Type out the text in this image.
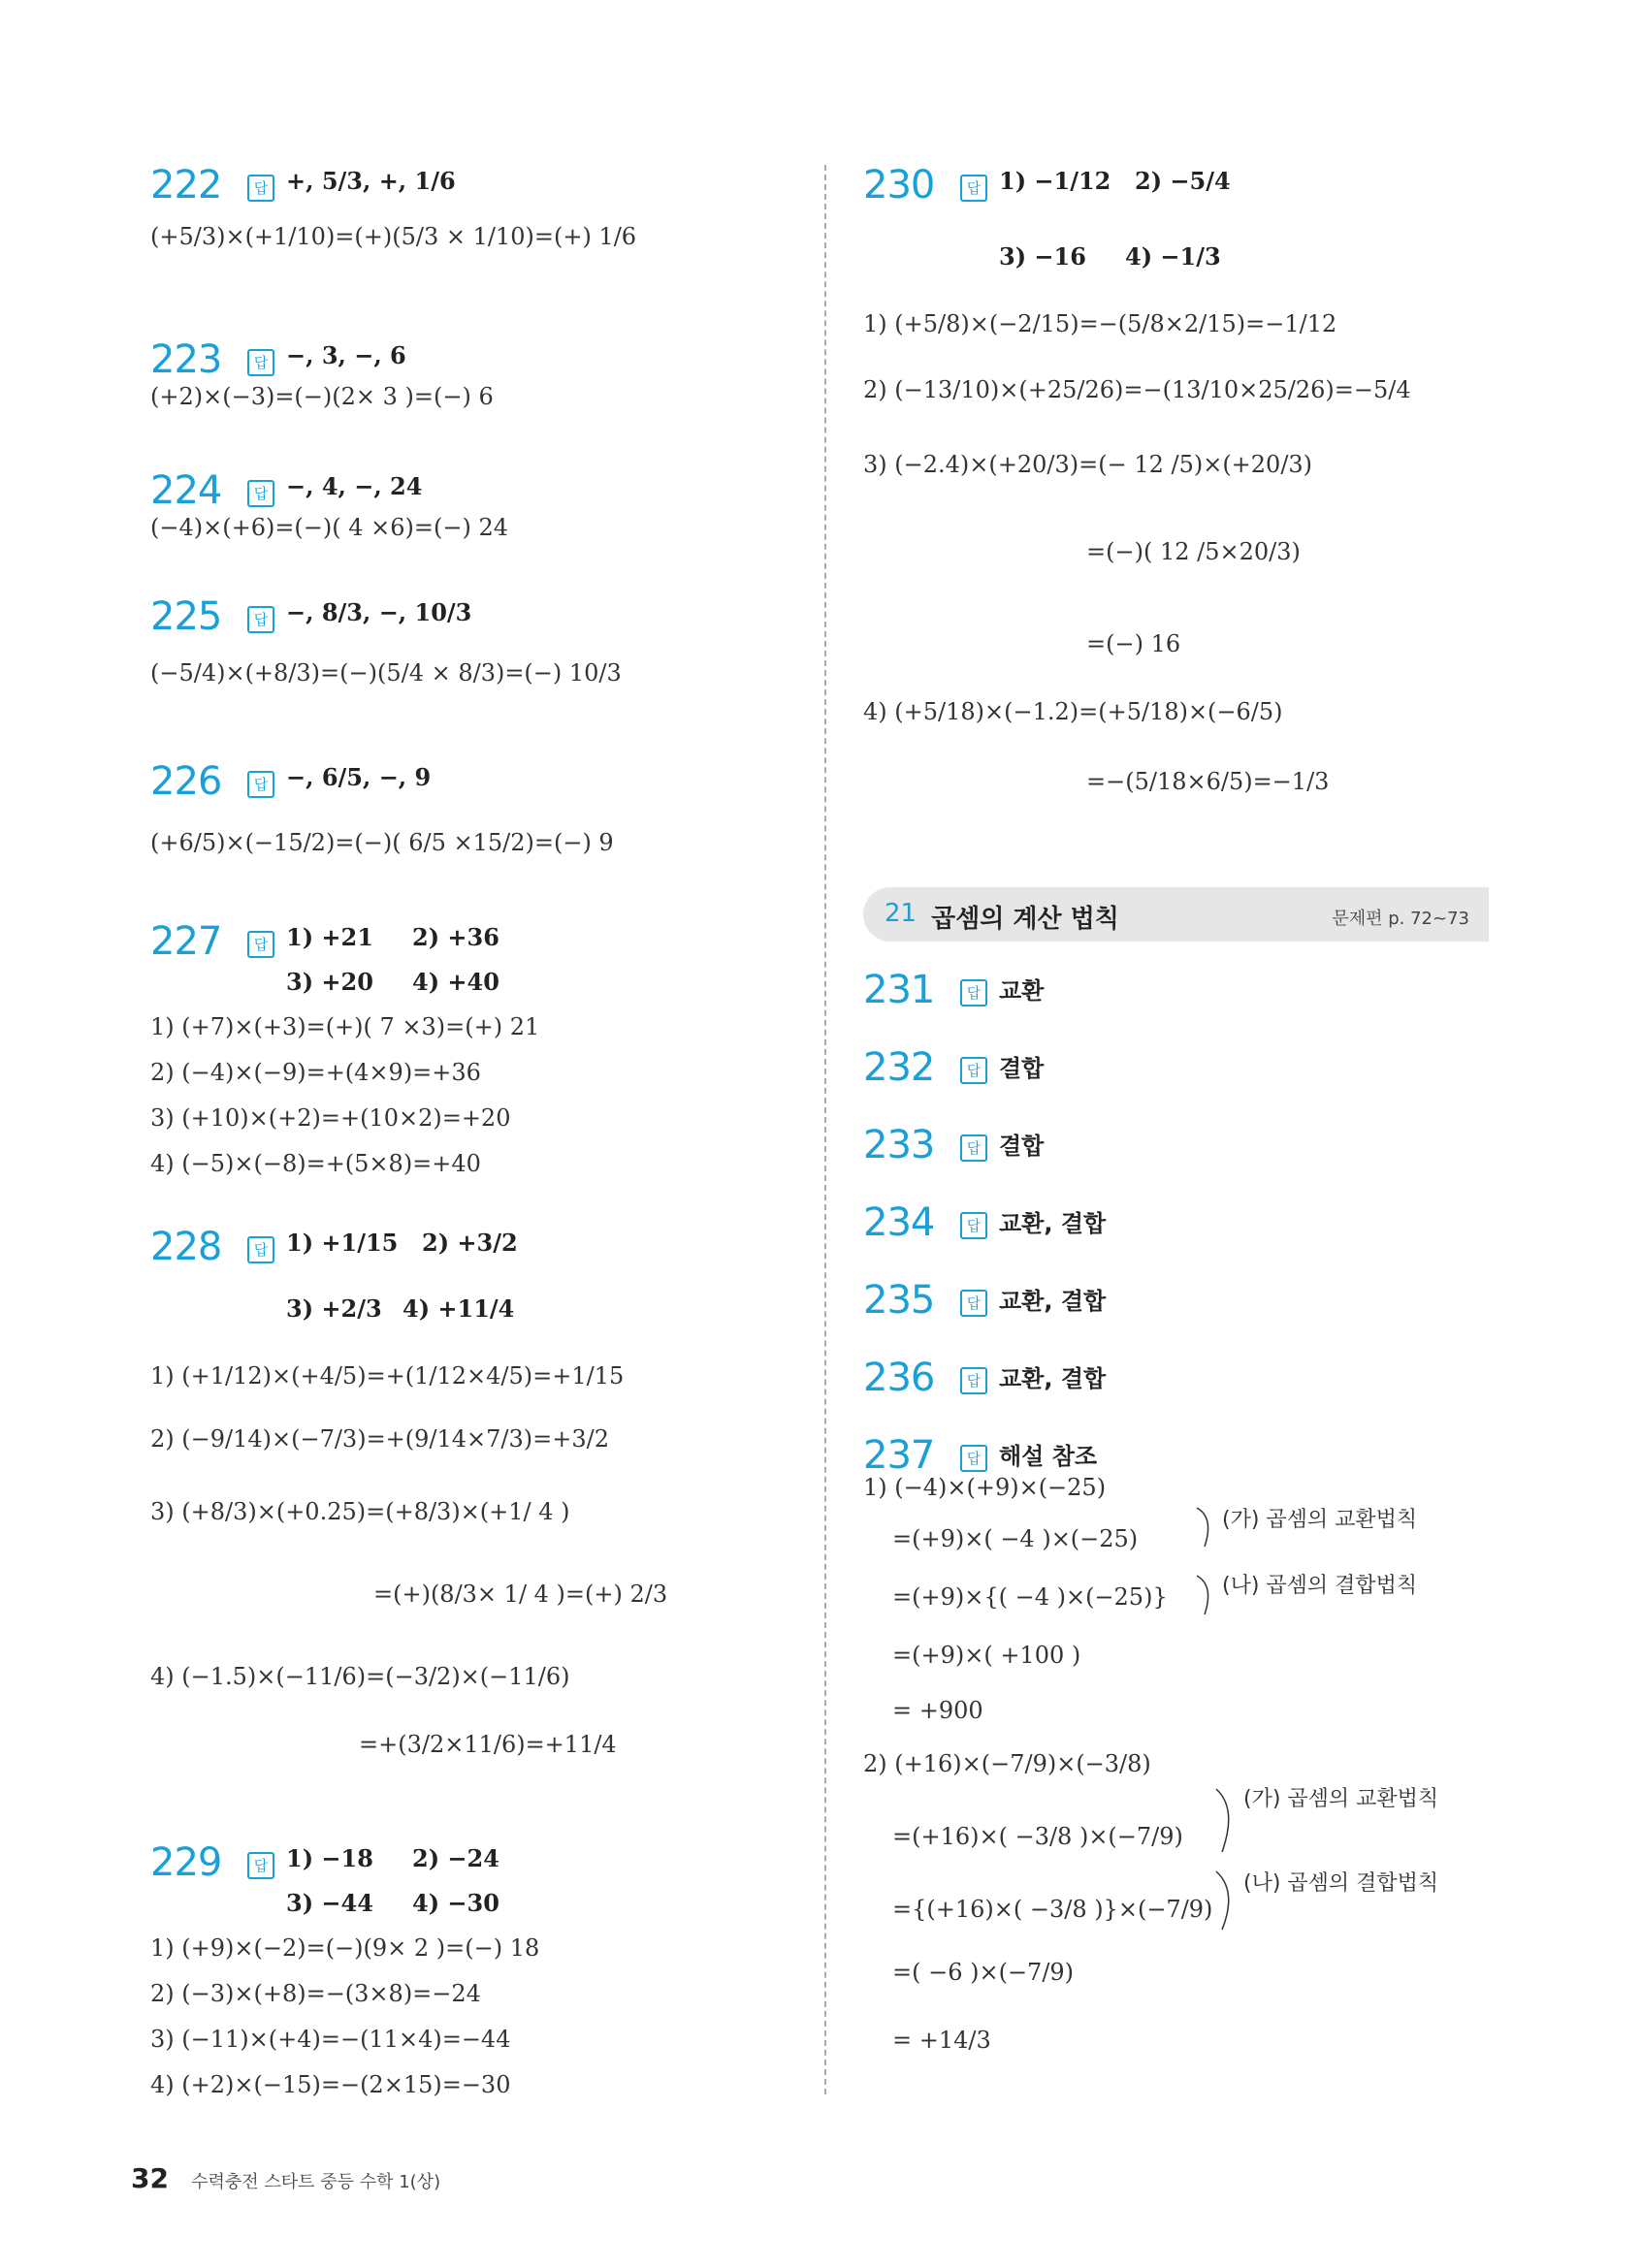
222	답 +, 5/3, +, 1/6
(+5/3)×(+1/10)=(+)(5/3 × 1/10)=(+) 1/6
223	답 −, 3, −, 6
(+2)×(−3)=(−)(2× 3 )=(−) 6
224	답 −, 4, −, 24
(−4)×(+6)=(−)( 4 ×6)=(−) 24
225	답 −, 8/3, −, 10/3
(−5/4)×(+8/3)=(−)(5/4 × 8/3)=(−) 10/3
226	답 −, 6/5, −, 9
(+6/5)×(−15/2)=(−)( 6/5 ×15/2)=(−) 9
227	답 1) +21 2) +36
3) +20 4) +40
1) (+7)×(+3)=(+)( 7 ×3)=(+) 21
2) (−4)×(−9)=+(4×9)=+36
3) (+10)×(+2)=+(10×2)=+20
4) (−5)×(−8)=+(5×8)=+40
228	답 1) +1/15 2) +3/2
3) +2/3 4) +11/4
1) (+1/12)×(+4/5)=+(1/12×4/5)=+1/15
2) (−9/14)×(−7/3)=+(9/14×7/3)=+3/2
3) (+8/3)×(+0.25)=(+8/3)×(+1/ 4 )
=(+)(8/3× 1/ 4 )=(+) 2/3
4) (−1.5)×(−11/6)=(−3/2)×(−11/6)
=+(3/2×11/6)=+11/4
229	답 1) −18 2) −24
3) −44 4) −30
1) (+9)×(−2)=(−)(9× 2 )=(−) 18
2) (−3)×(+8)=−(3×8)=−24
3) (−11)×(+4)=−(11×4)=−44
4) (+2)×(−15)=−(2×15)=−30
230	답 1) −1/12 2) −5/4
3) −16 4) −1/3
1) (+5/8)×(−2/15)=−(5/8×2/15)=−1/12
2) (−13/10)×(+25/26)=−(13/10×25/26)=−5/4
3) (−2.4)×(+20/3)=(− 12 /5)×(+20/3)
=(−)( 12 /5×20/3)
=(−) 16
4) (+5/18)×(−1.2)=(+5/18)×(−6/5)
=−(5/18×6/5)=−1/3
21 곱셈의 계산 법칙	문제편 p. 72~73
231	답 교환
232	답 결합
233	답 결합
234	답 교환, 결합
235	답 교환, 결합
236	답 교환, 결합
237	답 해설 참조
1) (−4)×(+9)×(−25)
=(+9)×( −4 )×(−25)
=(+9)×{( −4 )×(−25)}
=(+9)×( +100 )
= +900
2) (+16)×(−7/9)×(−3/8)
=(+16)×( −3/8 )×(−7/9)
={(+16)×( −3/8 )}×(−7/9)
=( −6 )×(−7/9)
= +14/3
(가) 곱셈의 교환법칙
(나) 곱셈의 결합법칙
(가) 곱셈의 교환법칙
(나) 곱셈의 결합법칙
32 수력충전 스타트 중등 수학 1(상)
